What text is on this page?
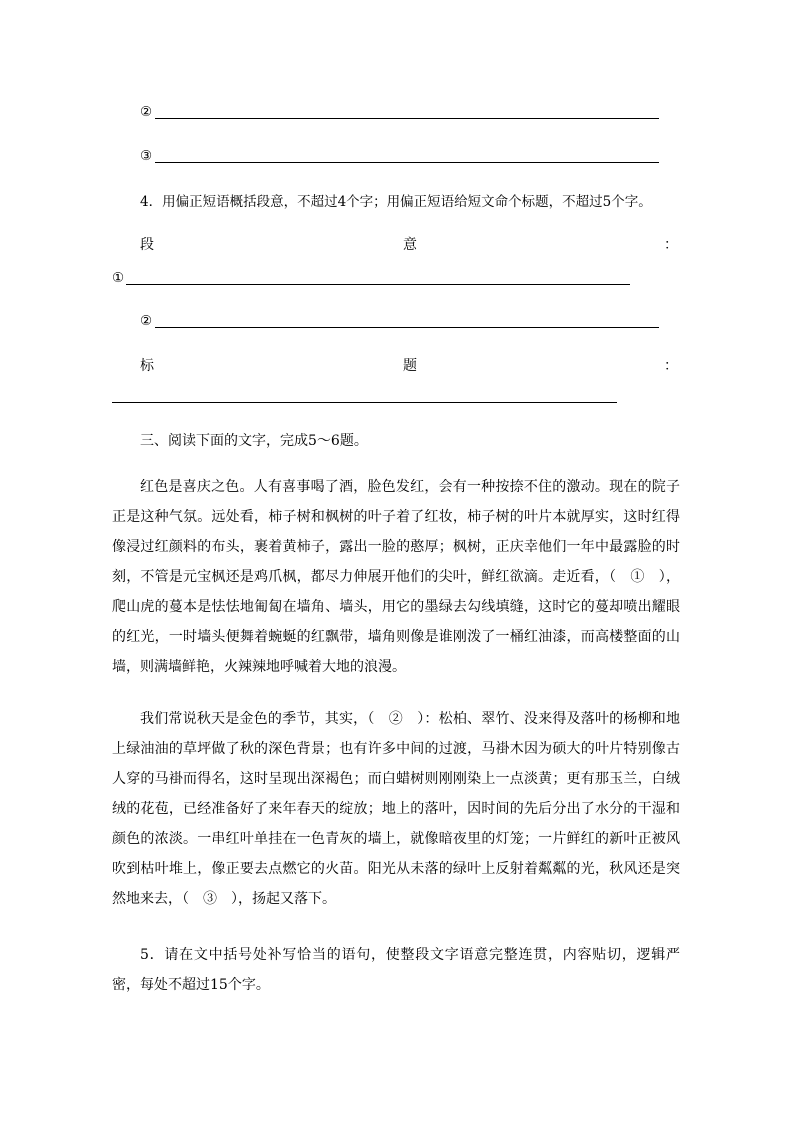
②
③
4．用偏正短语概括段意，不超过4个字；用偏正短语给短文命个标题，不超过5个字。
段	意	：
①
②
标	题	：
三、阅读下面的文字，完成5～6题。

红色是喜庆之色。人有喜事喝了酒，脸色发红，会有一种按捺不住的激动。现在的院子正是这种气氛。远处看，柿子树和枫树的叶子着了红妆，柿子树的叶片本就厚实，这时红得像浸过红颜料的布头，裹着黄柿子，露出一脸的憨厚；枫树，正庆幸他们一年中最露脸的时刻，不管是元宝枫还是鸡爪枫，都尽力伸展开他们的尖叶，鲜红欲滴。走近看，（　①　），爬山虎的蔓本是怯怯地匍匐在墙角、墙头，用它的墨绿去勾线填缝，这时它的蔓却喷出耀眼的红光，一时墙头便舞着蜿蜒的红飘带，墙角则像是谁刚泼了一桶红油漆，而高楼整面的山墙，则满墙鲜艳，火辣辣地呼喊着大地的浪漫。

我们常说秋天是金色的季节，其实，（　②　）：松柏、翠竹、没来得及落叶的杨柳和地上绿油油的草坪做了秋的深色背景；也有许多中间的过渡，马褂木因为硕大的叶片特别像古人穿的马褂而得名，这时呈现出深褐色；而白蜡树则刚刚染上一点淡黄；更有那玉兰，白绒绒的花苞，已经准备好了来年春天的绽放；地上的落叶，因时间的先后分出了水分的干湿和颜色的浓淡。一串红叶单挂在一色青灰的墙上，就像暗夜里的灯笼；一片鲜红的新叶正被风吹到枯叶堆上，像正要去点燃它的火苗。阳光从未落的绿叶上反射着粼粼的光，秋风还是突然地来去，（　③　），扬起又落下。

5．请在文中括号处补写恰当的语句，使整段文字语意完整连贯，内容贴切，逻辑严密，每处不超过15个字。
